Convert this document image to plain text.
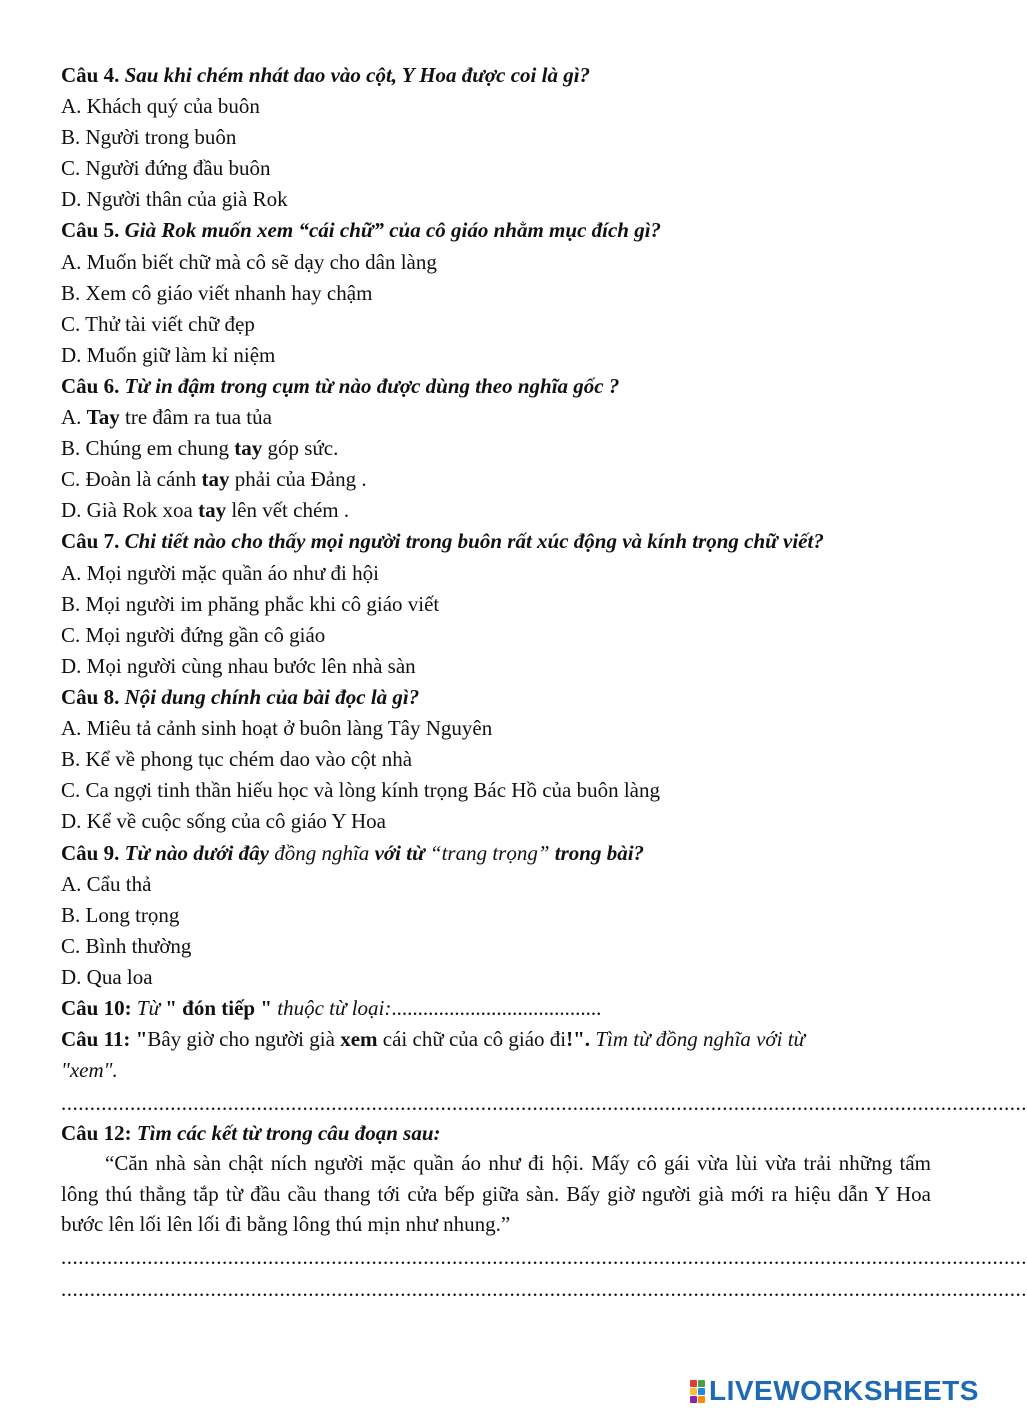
Câu 4. Sau khi chém nhát dao vào cột, Y Hoa được coi là gì?
A. Khách quý của buôn
B. Người trong buôn
C. Người đứng đầu buôn
D. Người thân của già Rok
Câu 5. Già Rok muốn xem “cái chữ” của cô giáo nhằm mục đích gì?
A. Muốn biết chữ mà cô sẽ dạy cho dân làng
B. Xem cô giáo viết nhanh hay chậm
C. Thử tài viết chữ đẹp
D. Muốn giữ làm kỉ niệm
Câu 6. Từ in đậm trong cụm từ nào được dùng theo nghĩa gốc ?
A. Tay tre đâm ra tua tủa
B. Chúng em chung tay góp sức.
C. Đoàn là cánh tay phải của Đảng .
D. Già Rok xoa tay lên vết chém .
Câu 7. Chi tiết nào cho thấy mọi người trong buôn rất xúc động và kính trọng chữ viết?
A. Mọi người mặc quần áo như đi hội
B. Mọi người im phăng phắc khi cô giáo viết
C. Mọi người đứng gần cô giáo
D. Mọi người cùng nhau bước lên nhà sàn
Câu 8. Nội dung chính của bài đọc là gì?
A. Miêu tả cảnh sinh hoạt ở buôn làng Tây Nguyên
B. Kể về phong tục chém dao vào cột nhà
C. Ca ngợi tinh thần hiếu học và lòng kính trọng Bác Hồ của buôn làng
D. Kể về cuộc sống của cô giáo Y Hoa
Câu 9. Từ nào dưới đây đồng nghĩa với từ “trang trọng” trong bài?
A. Cẩu thả
B. Long trọng
C. Bình thường
D. Qua loa
Câu 10: Từ " đón tiếp " thuộc từ loại:........................................
Câu 11: "Bây giờ cho người già xem cái chữ của cô giáo đi!". Tìm từ đồng nghĩa với từ
"xem".
........................................................................................................................................................................
Câu 12: Tìm các kết từ trong câu đoạn sau:
“Căn nhà sàn chật ních người mặc quần áo như đi hội. Mấy cô gái vừa lùi vừa trải những tấm lông thú thẳng tắp từ đầu cầu thang tới cửa bếp giữa sàn. Bấy giờ người già mới ra hiệu dẫn Y Hoa bước lên lối lên lối đi bằng lông thú mịn như nhung.”
........................................................................................................................................................................
........................................................................................................................................................................
LIVEWORKSHEETS
